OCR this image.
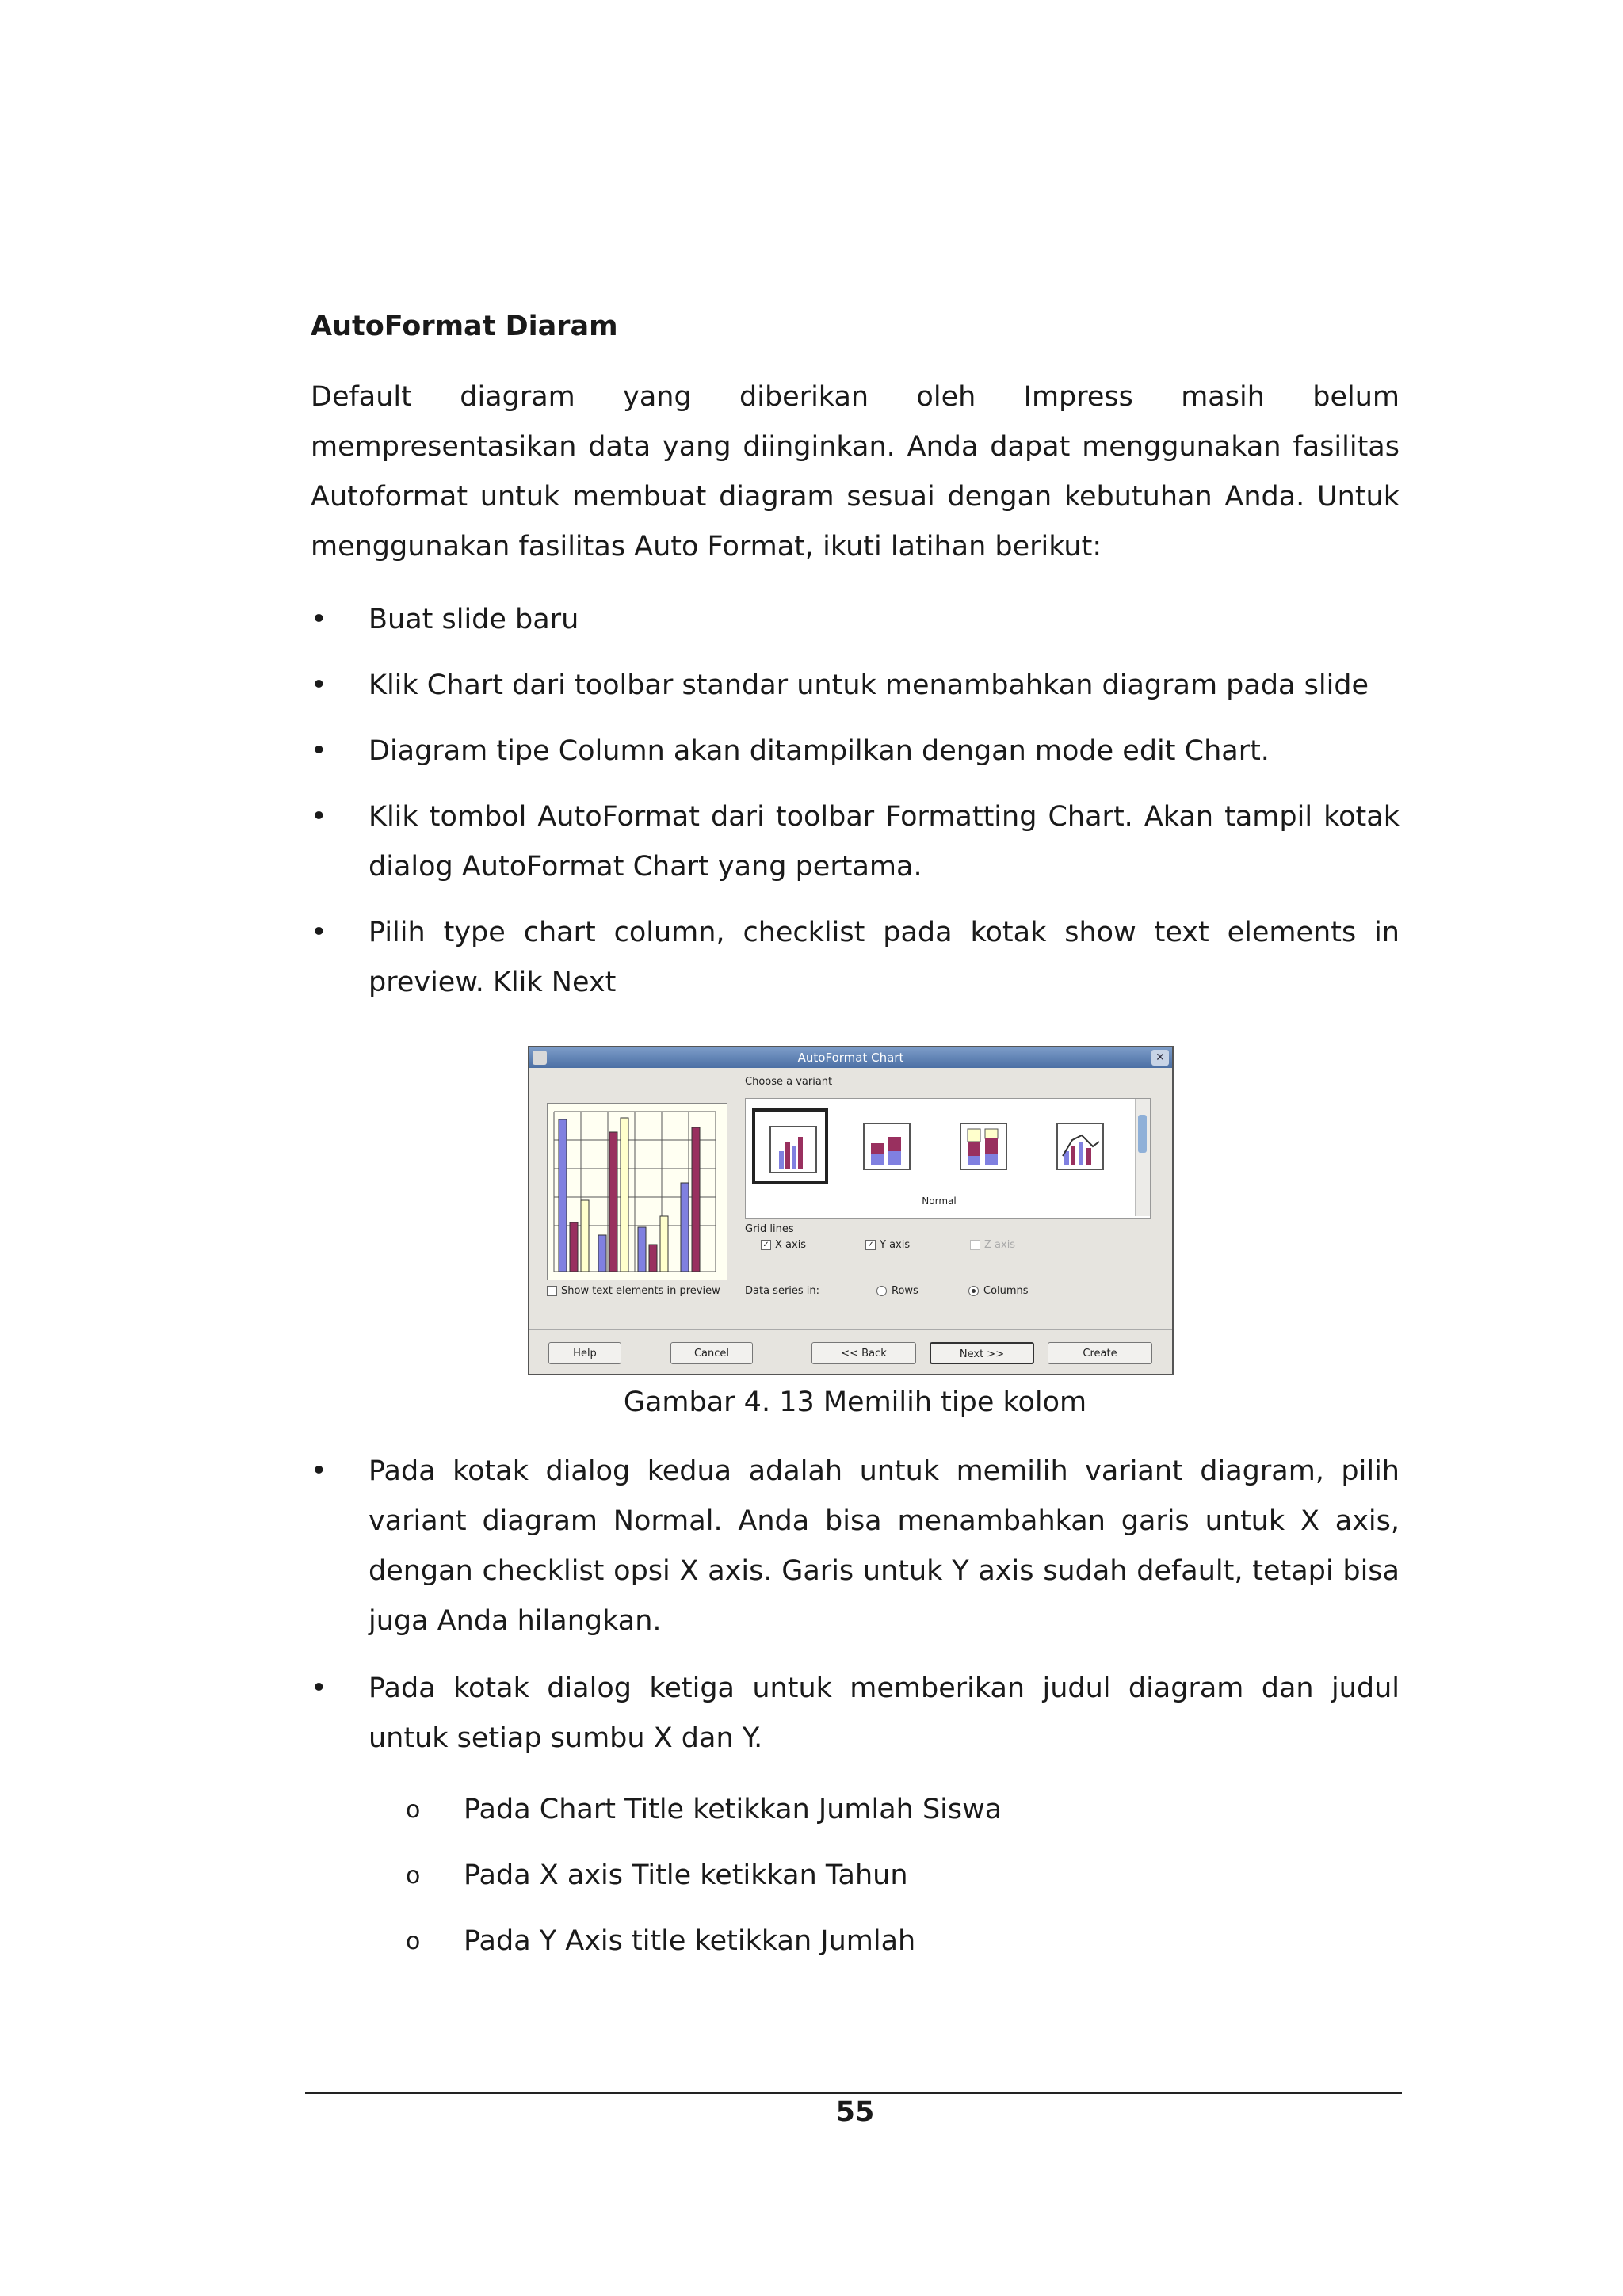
AutoFormat Diaram

Default diagram yang diberikan oleh Impress masih belum mempresentasikan data yang diinginkan. Anda dapat menggunakan fasilitas Autoformat untuk membuat diagram sesuai dengan kebutuhan Anda. Untuk menggunakan fasilitas Auto Format, ikuti latihan berikut:

•	Buat slide baru
•	Klik Chart dari toolbar standar untuk menambahkan diagram pada slide
•	Diagram tipe Column akan ditampilkan dengan mode edit Chart.
•	Klik tombol AutoFormat dari toolbar Formatting Chart. Akan tampil kotak dialog AutoFormat Chart yang pertama.
•	Pilih type chart column, checklist pada kotak show text elements in preview. Klik Next
AutoFormat Chart	✕
Choose a variant
Normal
Grid lines
✓ X axis	✓ Y axis	Z axis
Show text elements in preview Data series in:	Rows	Columns
Help	Cancel	<< Back	Next >>	Create
Gambar 4. 13 Memilih tipe kolom
•	Pada kotak dialog kedua adalah untuk memilih variant diagram, pilih variant diagram Normal. Anda bisa menambahkan garis untuk X axis, dengan checklist opsi X axis. Garis untuk Y axis sudah default, tetapi bisa juga Anda hilangkan.
•	Pada kotak dialog ketiga untuk memberikan judul diagram dan judul untuk setiap sumbu X dan Y.
o Pada Chart Title ketikkan Jumlah Siswa
o Pada X axis Title ketikkan Tahun
o Pada Y Axis title ketikkan Jumlah
55
